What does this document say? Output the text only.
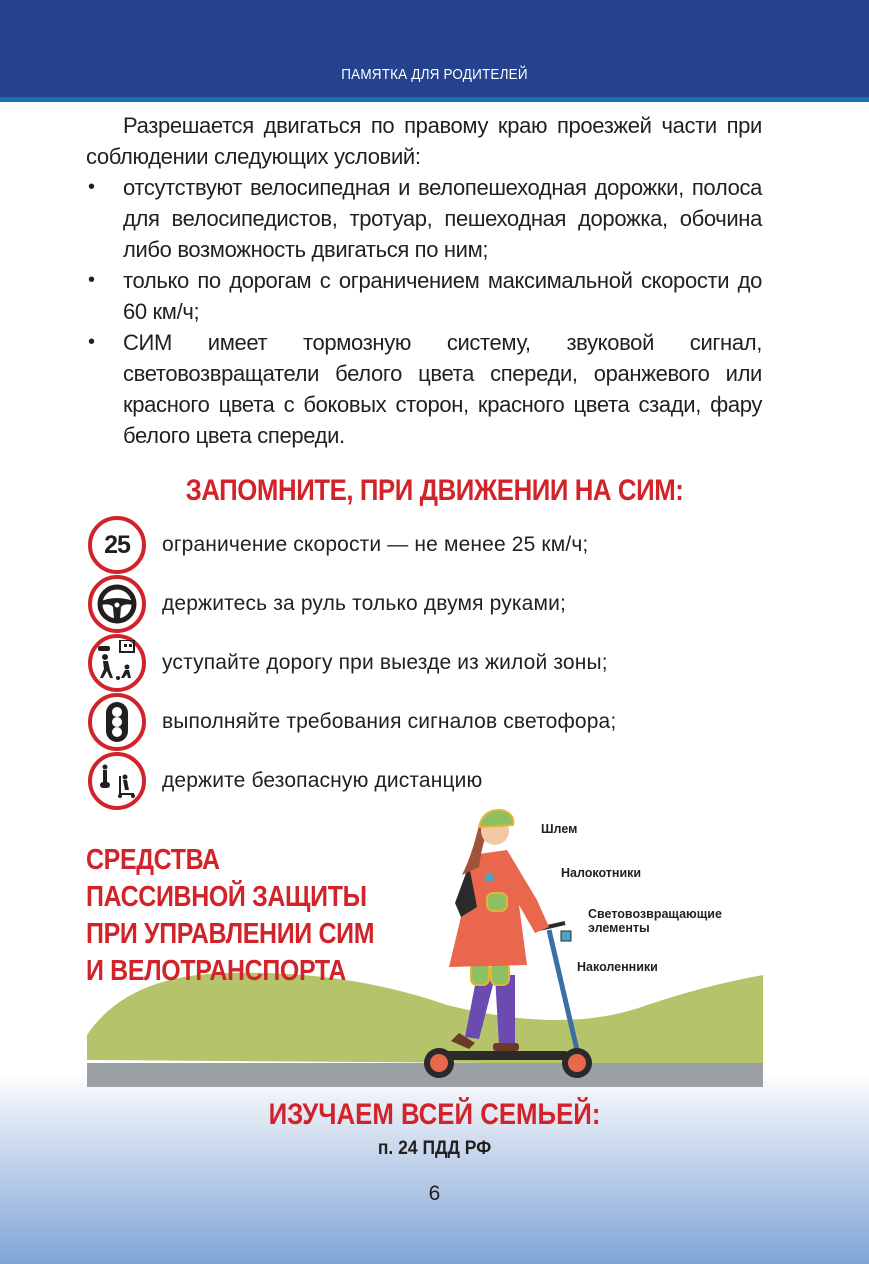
ПАМЯТКА ДЛЯ РОДИТЕЛЕЙ

Разрешается двигаться по правому краю проезжей части при соблюдении следующих условий:

• отсутствуют велосипедная и велопешеходная дорожки, полоса для велосипедистов, тротуар, пешеходная дорожка, обочина либо возможность двигаться по ним;
• только по дорогам с ограничением максимальной скорости до 60 км/ч;
• СИМ имеет тормозную систему, звуковой сигнал, световозвращатели белого цвета спереди, оранжевого или красного цвета с боковых сторон, красного цвета сзади, фару белого цвета спереди.
ЗАПОМНИТЕ, ПРИ ДВИЖЕНИИ НА СИМ:
25 ограничение скорости — не менее 25 км/ч;
держитесь за руль только двумя руками;
уступайте дорогу при выезде из жилой зоны;
выполняйте требования сигналов светофора;
держите безопасную дистанцию
СРЕДСТВА
ПАССИВНОЙ ЗАЩИТЫ
ПРИ УПРАВЛЕНИИ СИМ
И ВЕЛОТРАНСПОРТА
Шлем
Налокотники
Световозвращающие
элементы
Наколенники
ИЗУЧАЕМ ВСЕЙ СЕМЬЕЙ:
п. 24 ПДД РФ
6
